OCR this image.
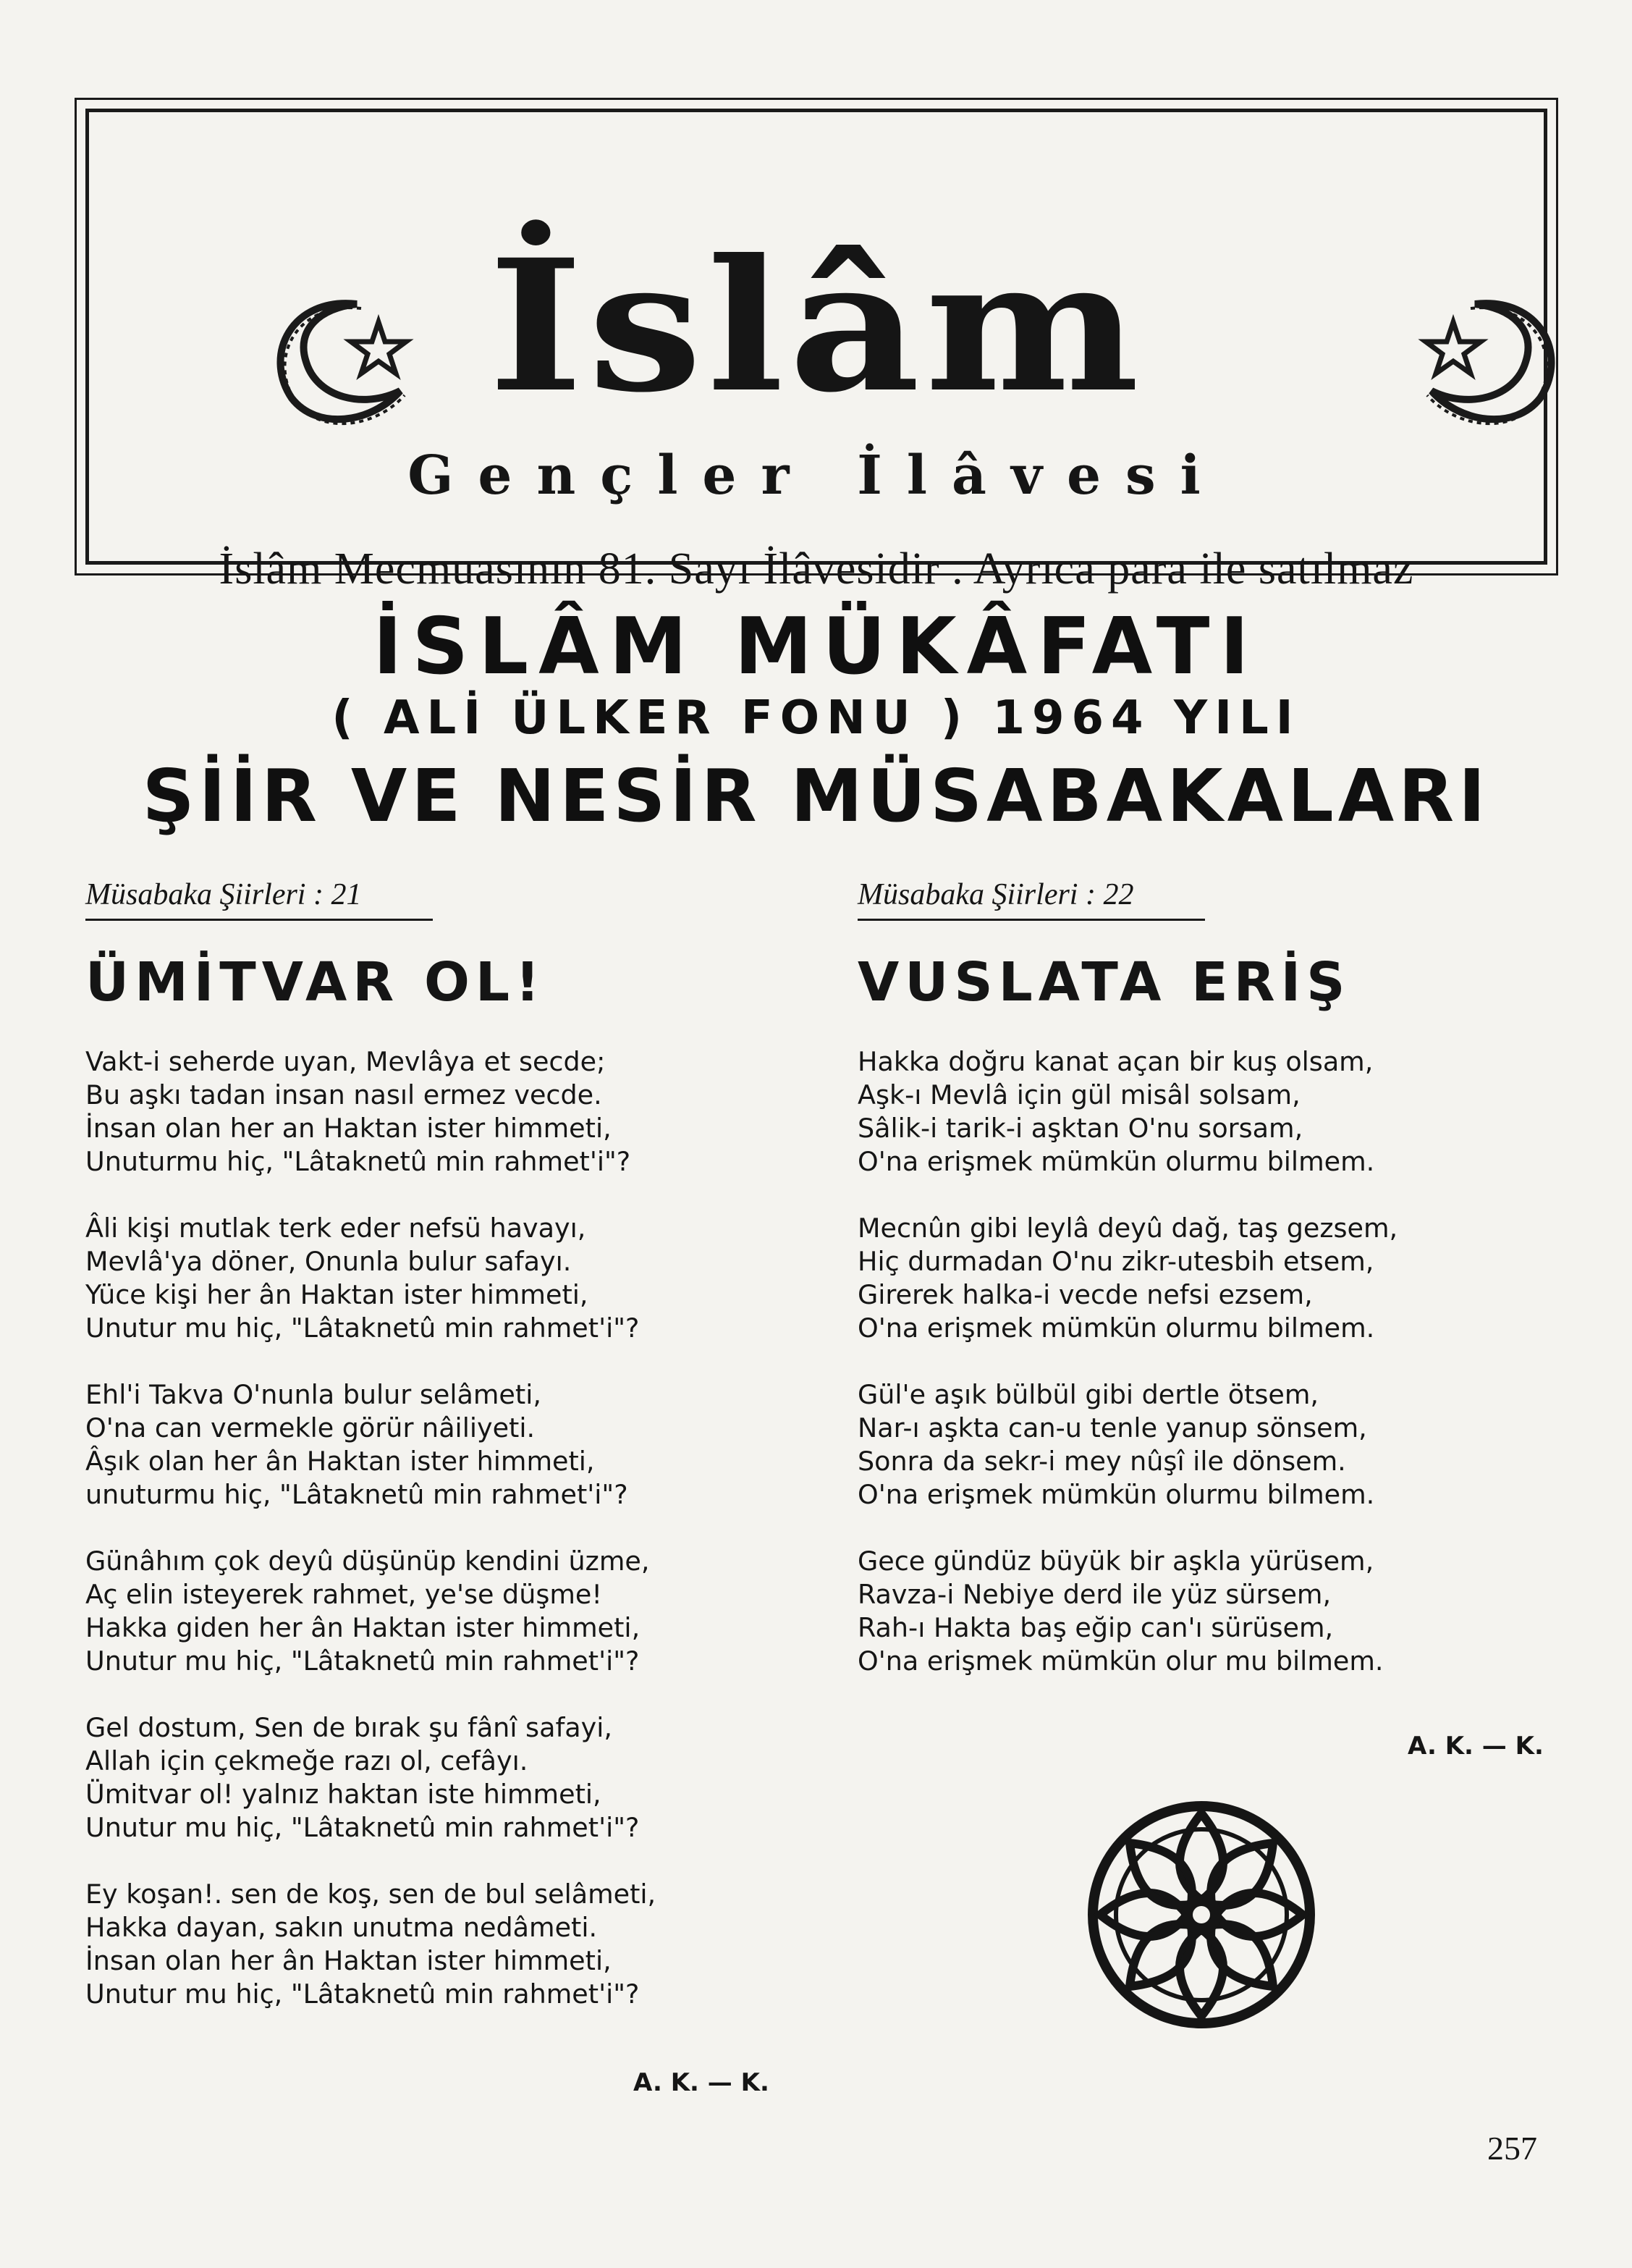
İslâm
Gençler İlâvesi
İslâm Mecmuasının 81. Sayı İlâvesidir . Ayrıca para ile satılmaz
İSLÂM MÜKÂFATI
( ALİ ÜLKER FONU ) 1964 YILI
ŞİİR VE NESİR MÜSABAKALARI
Müsabaka Şiirleri : 21
ÜMİTVAR OL!
Vakt-i seherde uyan, Mevlâya et secde;
Bu aşkı tadan insan nasıl ermez vecde.
İnsan olan her an Haktan ister himmeti,
Unuturmu hiç, "Lâtaknetû min rahmet'i"?
Âli kişi mutlak terk eder nefsü havayı,
Mevlâ'ya döner, Onunla bulur safayı.
Yüce kişi her ân Haktan ister himmeti,
Unutur mu hiç, "Lâtaknetû min rahmet'i"?
Ehl'i Takva O'nunla bulur selâmeti,
O'na can vermekle görür nâiliyeti.
Âşık olan her ân Haktan ister himmeti,
unuturmu hiç, "Lâtaknetû min rahmet'i"?
Günâhım çok deyû düşünüp kendini üzme,
Aç elin isteyerek rahmet, ye'se düşme!
Hakka giden her ân Haktan ister himmeti,
Unutur mu hiç, "Lâtaknetû min rahmet'i"?
Gel dostum, Sen de bırak şu fânî safayi,
Allah için çekmeğe razı ol, cefâyı.
Ümitvar ol! yalnız haktan iste himmeti,
Unutur mu hiç, "Lâtaknetû min rahmet'i"?
Ey koşan!. sen de koş, sen de bul selâmeti,
Hakka dayan, sakın unutma nedâmeti.
İnsan olan her ân Haktan ister himmeti,
Unutur mu hiç, "Lâtaknetû min rahmet'i"?
Müsabaka Şiirleri : 22
VUSLATA ERİŞ
Hakka doğru kanat açan bir kuş olsam,
Aşk-ı Mevlâ için gül misâl solsam,
Sâlik-i tarik-i aşktan O'nu sorsam,
O'na erişmek mümkün olurmu bilmem.
Mecnûn gibi leylâ deyû dağ, taş gezsem,
Hiç durmadan O'nu zikr-utesbih etsem,
Girerek halka-i vecde nefsi ezsem,
O'na erişmek mümkün olurmu bilmem.
Gül'e aşık bülbül gibi dertle ötsem,
Nar-ı aşkta can-u tenle yanup sönsem,
Sonra da sekr-i mey nûşî ile dönsem.
O'na erişmek mümkün olurmu bilmem.
Gece gündüz büyük bir aşkla yürüsem,
Ravza-i Nebiye derd ile yüz sürsem,
Rah-ı Hakta baş eğip can'ı sürüsem,
O'na erişmek mümkün olur mu bilmem.
A. K. — K.
A. K. — K.
257
